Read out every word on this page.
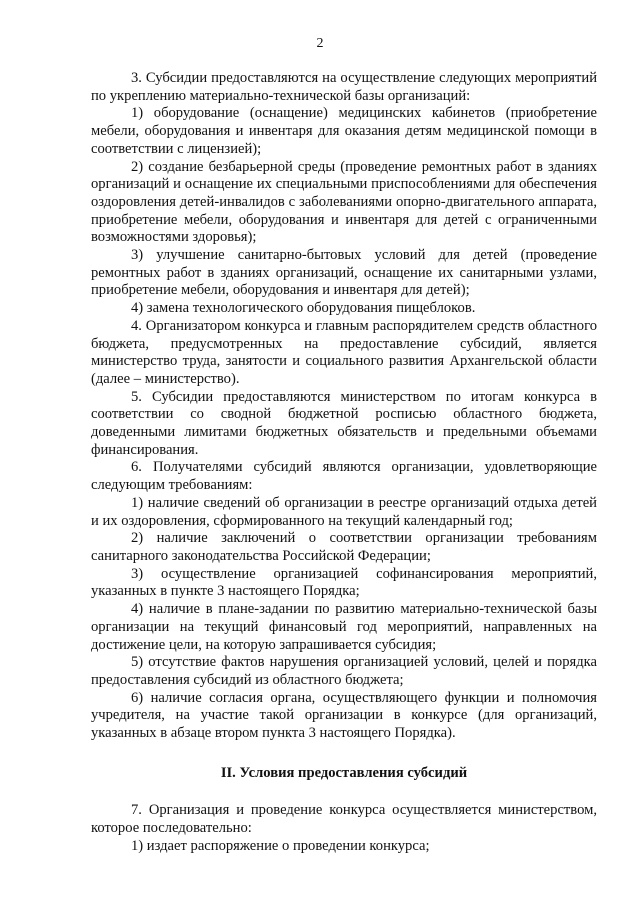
2

3. Субсидии предоставляются на осуществление следующих мероприятий по укреплению материально-технической базы организаций:

1) оборудование (оснащение) медицинских кабинетов (приобретение мебели, оборудования и инвентаря для оказания детям медицинской помощи в соответствии с лицензией);

2) создание безбарьерной среды (проведение ремонтных работ в зданиях организаций и оснащение их специальными приспособлениями для обеспечения оздоровления детей-инвалидов с заболеваниями опорно-двигательного аппарата, приобретение мебели, оборудования и инвентаря для детей с ограниченными возможностями здоровья);

3) улучшение санитарно-бытовых условий для детей (проведение ремонтных работ в зданиях организаций, оснащение их санитарными узлами, приобретение мебели, оборудования и инвентаря для детей);

4) замена технологического оборудования пищеблоков.

4. Организатором конкурса и главным распорядителем средств областного бюджета, предусмотренных на предоставление субсидий, является министерство труда, занятости и социального развития Архангельской области (далее – министерство).

5. Субсидии предоставляются министерством по итогам конкурса в соответствии со сводной бюджетной росписью областного бюджета, доведенными лимитами бюджетных обязательств и предельными объемами финансирования.

6. Получателями субсидий являются организации, удовлетворяющие следующим требованиям:

1) наличие сведений об организации в реестре организаций отдыха детей и их оздоровления, сформированного на текущий календарный год;

2) наличие заключений о соответствии организации требованиям санитарного законодательства Российской Федерации;

3) осуществление организацией софинансирования мероприятий, указанных в пункте 3 настоящего Порядка;

4) наличие в плане-задании по развитию материально-технической базы организации на текущий финансовый год мероприятий, направленных на достижение цели, на которую запрашивается субсидия;

5) отсутствие фактов нарушения организацией условий, целей и порядка предоставления субсидий из областного бюджета;

6) наличие согласия органа, осуществляющего функции и полномочия учредителя, на участие такой организации в конкурсе (для организаций, указанных в абзаце втором пункта 3 настоящего Порядка).

II. Условия предоставления субсидий

7. Организация и проведение конкурса осуществляется министерством, которое последовательно:

1) издает распоряжение о проведении конкурса;
